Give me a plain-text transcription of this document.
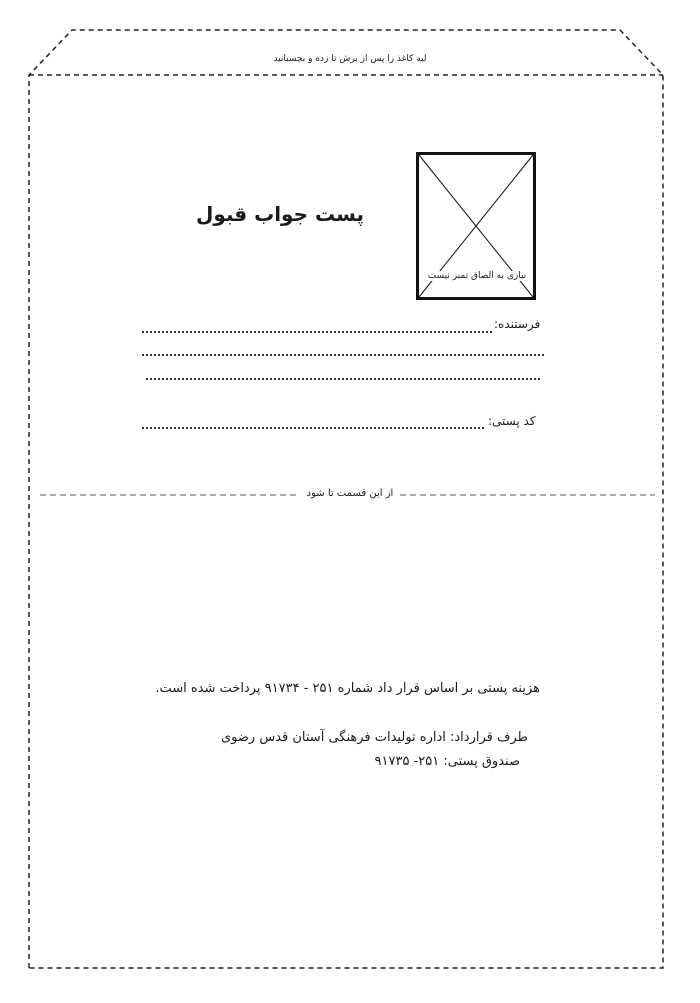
لبه کاغذ را پس از برش تا زده و بچسبانید
پست جواب قبول
نیازی به الصاق تمبر نیست
فرستنده:
کد پستی:
از این قسمت تا شود
هزینه پستی بر اساس قرار داد شماره ۲۵۱ - ۹۱۷۳۴ پرداخت شده است.
طرف قرارداد: اداره تولیدات فرهنگی آستان قدس رضوی
صندوق پستی: ۲۵۱- ۹۱۷۳۵
